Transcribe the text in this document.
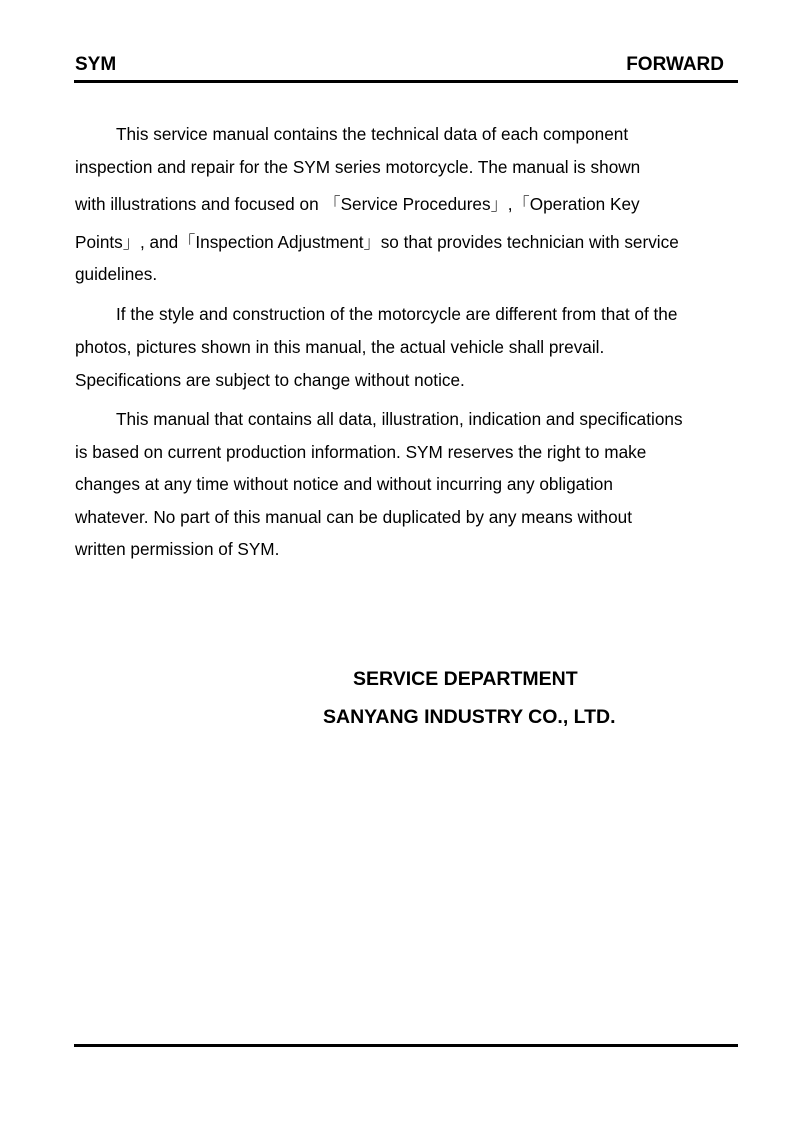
SYM	FORWARD
This service manual contains the technical data of each component
inspection and repair for the SYM series motorcycle. The manual is shown
with illustrations and focused on 「Service Procedures」,「Operation Key
Points」, and「Inspection Adjustment」so that provides technician with service
guidelines.
If the style and construction of the motorcycle are different from that of the
photos, pictures shown in this manual, the actual vehicle shall prevail.
Specifications are subject to change without notice.
This manual that contains all data, illustration, indication and specifications
is based on current production information. SYM reserves the right to make
changes at any time without notice and without incurring any obligation
whatever. No part of this manual can be duplicated by any means without
written permission of SYM.
SERVICE DEPARTMENT
SANYANG INDUSTRY CO., LTD.
